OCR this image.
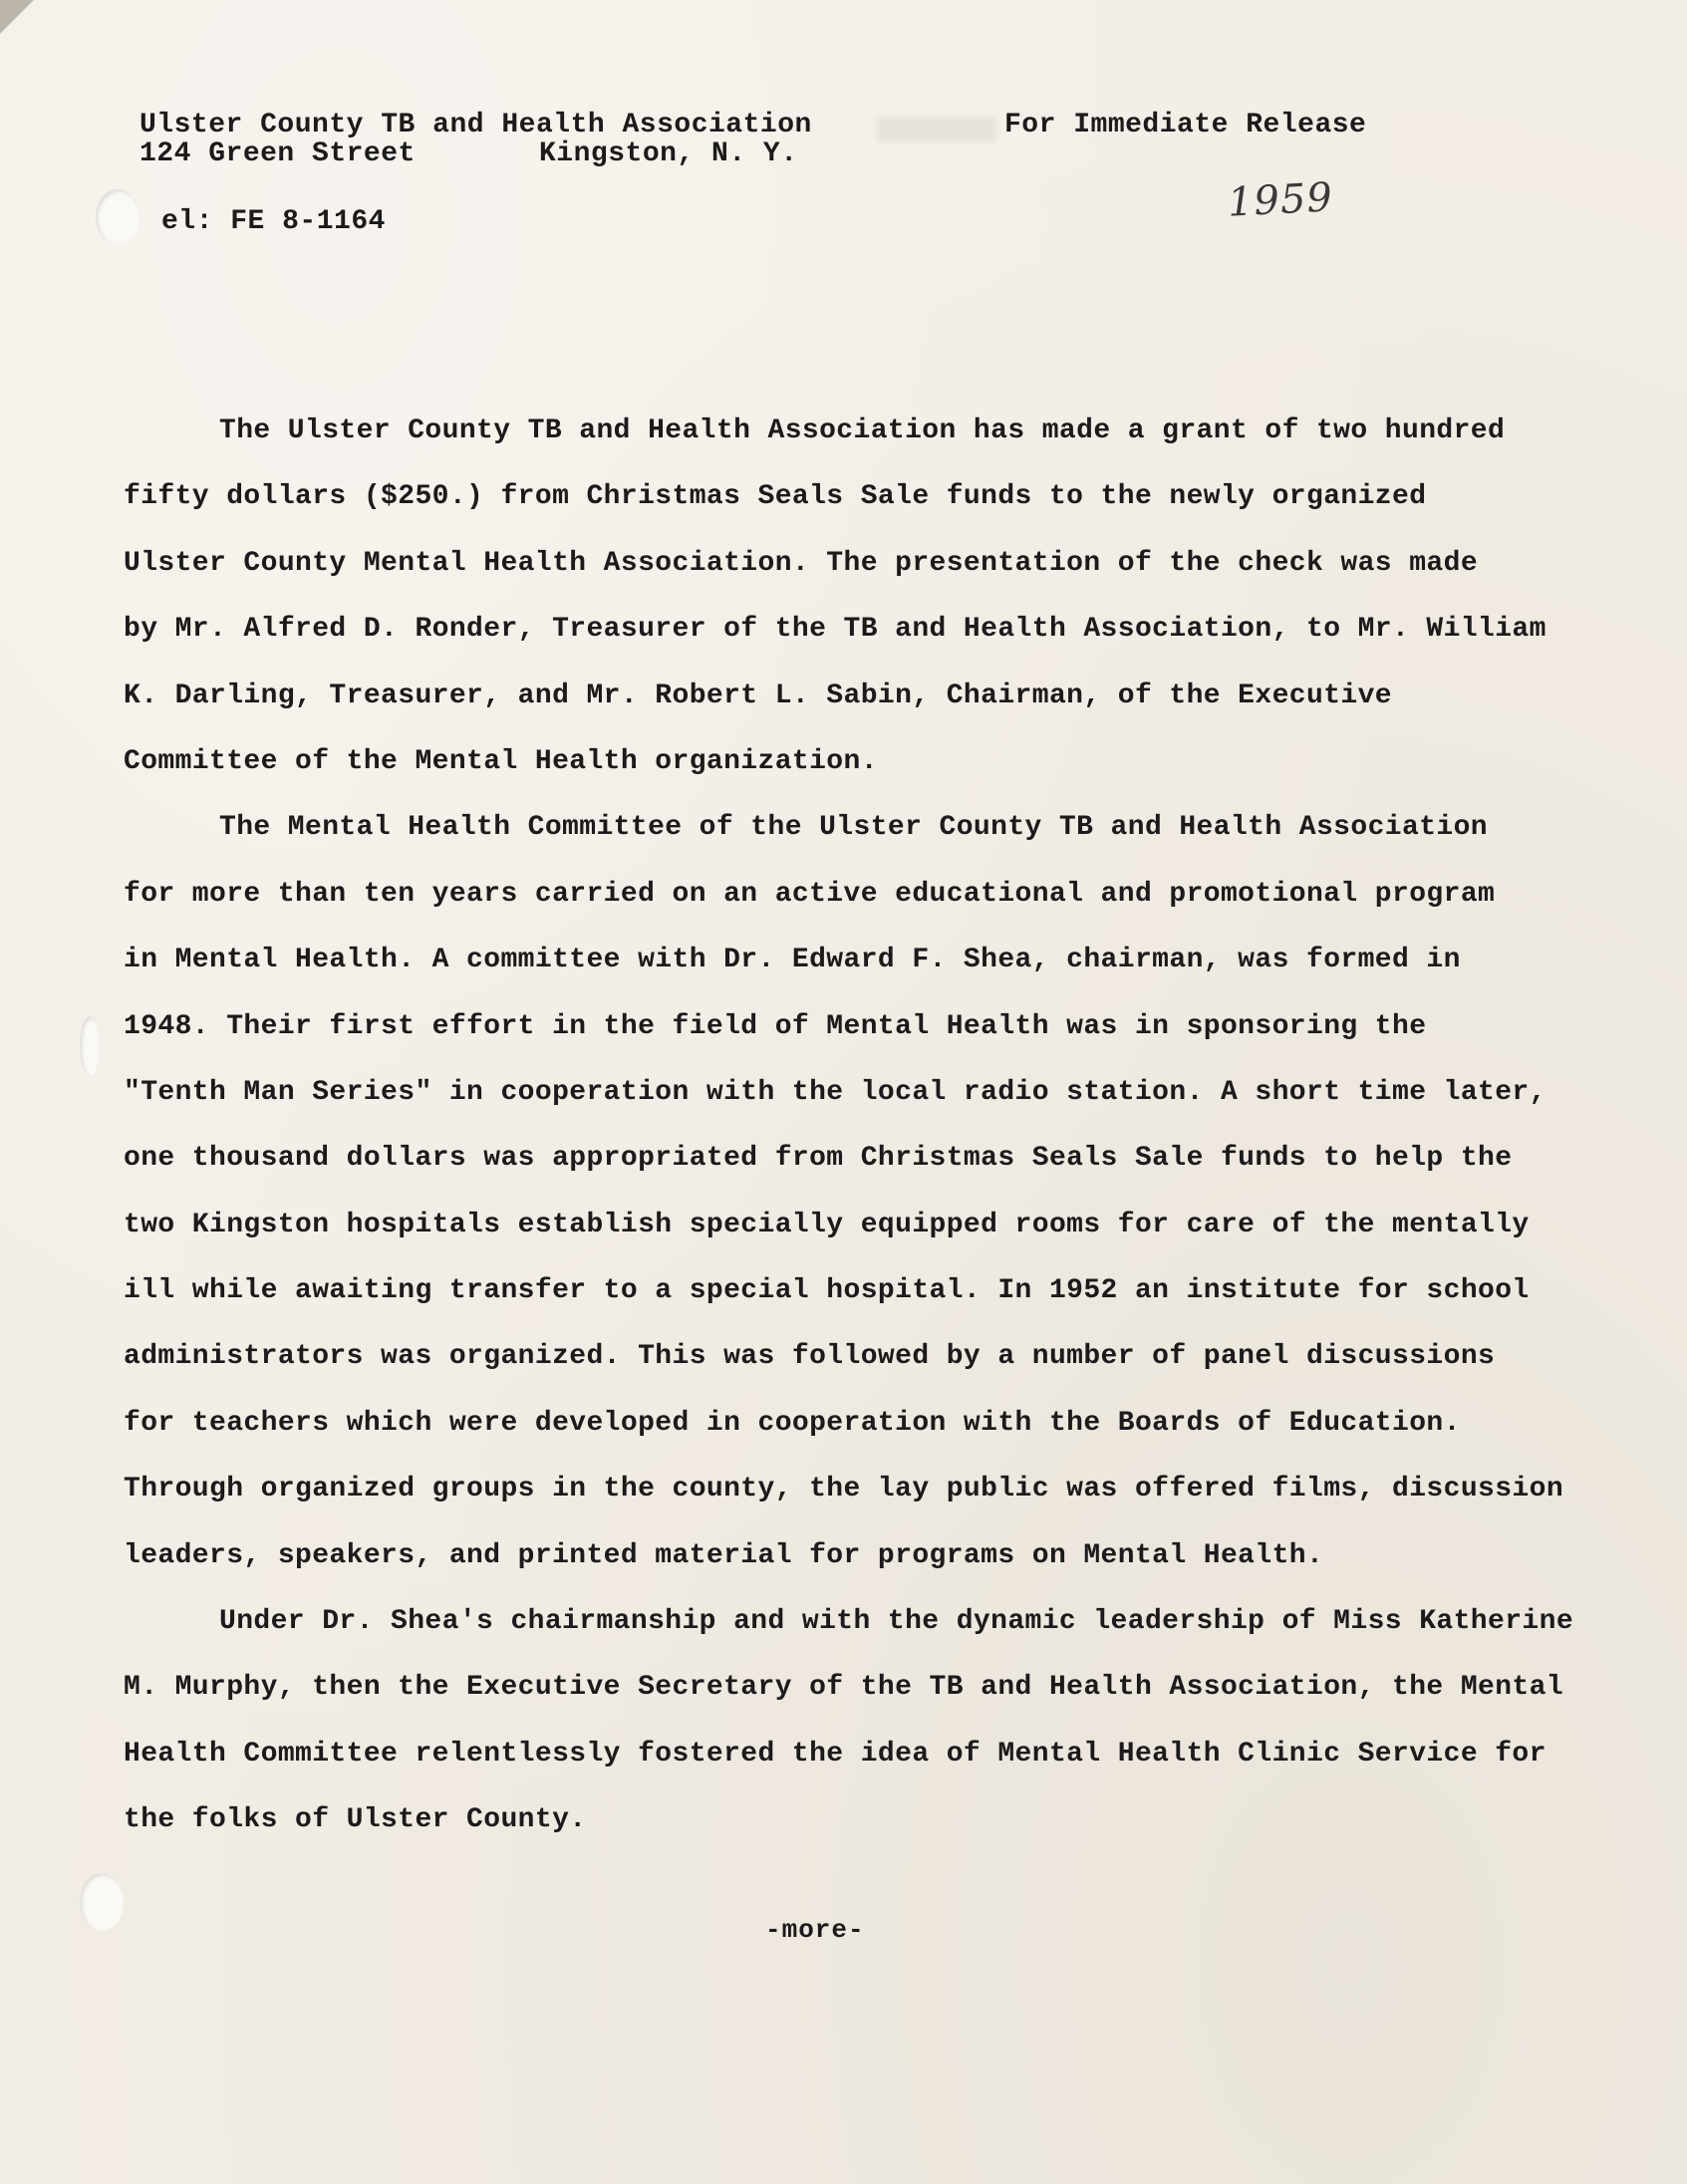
Ulster County TB and Health Association
124 Green Street	Kingston, N. Y.
For Immediate Release
el: FE 8-1164	1959
The Ulster County TB and Health Association has made a grant of two hundred
fifty dollars ($250.) from Christmas Seals Sale funds to the newly organized
Ulster County Mental Health Association. The presentation of the check was made
by Mr. Alfred D. Ronder, Treasurer of the TB and Health Association, to Mr. William
K. Darling, Treasurer, and Mr. Robert L. Sabin, Chairman, of the Executive
Committee of the Mental Health organization.
The Mental Health Committee of the Ulster County TB and Health Association
for more than ten years carried on an active educational and promotional program
in Mental Health. A committee with Dr. Edward F. Shea, chairman, was formed in
1948. Their first effort in the field of Mental Health was in sponsoring the
"Tenth Man Series" in cooperation with the local radio station. A short time later,
one thousand dollars was appropriated from Christmas Seals Sale funds to help the
two Kingston hospitals establish specially equipped rooms for care of the mentally
ill while awaiting transfer to a special hospital. In 1952 an institute for school
administrators was organized. This was followed by a number of panel discussions
for teachers which were developed in cooperation with the Boards of Education.
Through organized groups in the county, the lay public was offered films, discussion
leaders, speakers, and printed material for programs on Mental Health.
Under Dr. Shea's chairmanship and with the dynamic leadership of Miss Katherine
M. Murphy, then the Executive Secretary of the TB and Health Association, the Mental
Health Committee relentlessly fostered the idea of Mental Health Clinic Service for
the folks of Ulster County.
-more-
